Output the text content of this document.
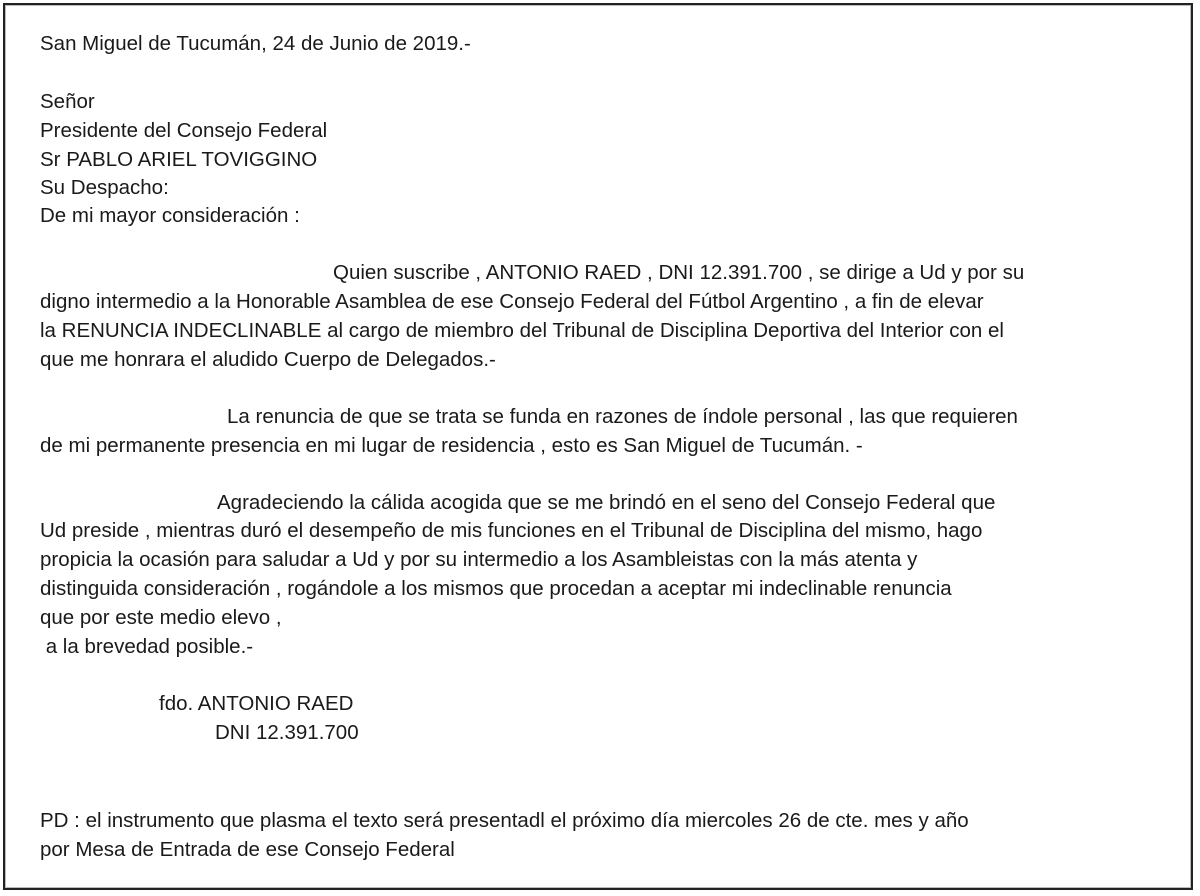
San Miguel de Tucumán, 24 de Junio de 2019.-
Señor
Presidente del Consejo Federal
Sr PABLO ARIEL TOVIGGINO
Su Despacho:
De mi mayor consideración :
Quien suscribe , ANTONIO RAED , DNI 12.391.700 , se dirige a Ud y por su
digno intermedio a la Honorable Asamblea de ese Consejo Federal del Fútbol Argentino , a fin de elevar
la RENUNCIA INDECLINABLE al cargo de miembro del Tribunal de Disciplina Deportiva del Interior con el
que me honrara el aludido Cuerpo de Delegados.-
La renuncia de que se trata se funda en razones de índole personal , las que requieren
de mi permanente presencia en mi lugar de residencia , esto es San Miguel de Tucumán. -
Agradeciendo la cálida acogida que se me brindó en el seno del Consejo Federal que
Ud preside , mientras duró el desempeño de mis funciones en el Tribunal de Disciplina del mismo, hago
propicia la ocasión para saludar a Ud y por su intermedio a los Asambleistas con la más atenta y
distinguida consideración , rogándole a los mismos que procedan a aceptar mi indeclinable renuncia
que por este medio elevo ,
a la brevedad posible.-
fdo. ANTONIO RAED
DNI 12.391.700
PD : el instrumento que plasma el texto será presentadl el próximo día miercoles 26 de cte. mes y año
por Mesa de Entrada de ese Consejo Federal
